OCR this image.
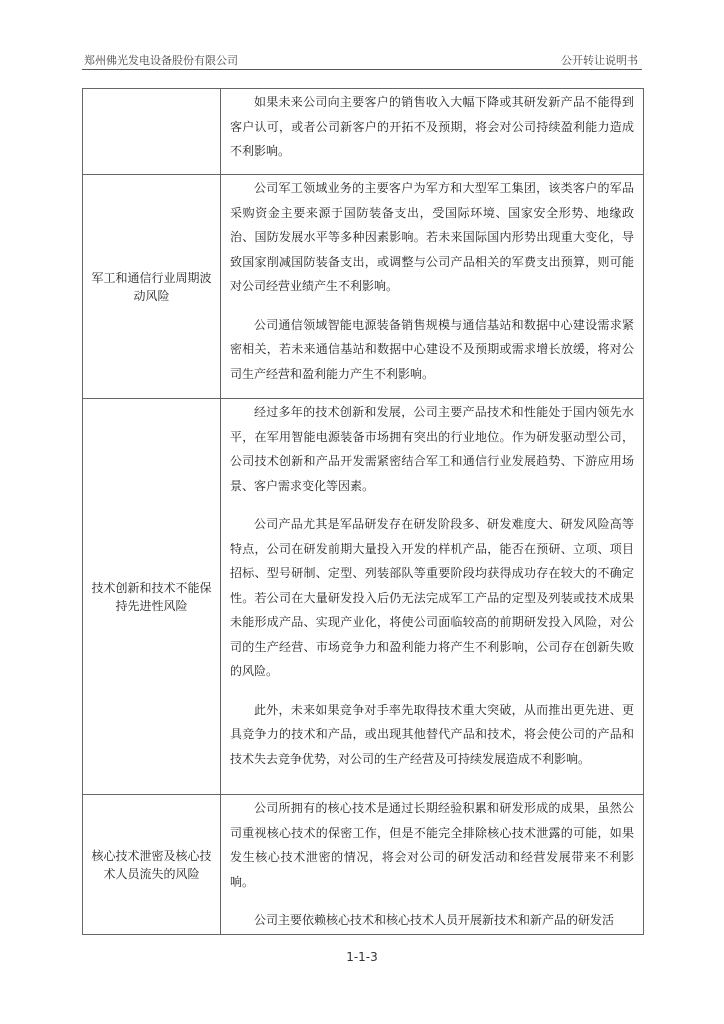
郑州佛光发电设备股份有限公司	公开转让说明书

	如果未来公司向主要客户的销售收入大幅下降或其研发新产品不能得到客户认可，或者公司新客户的开拓不及预期，将会对公司持续盈利能力造成不利影响。

军工和通信行业周期波动风险	公司军工领域业务的主要客户为军方和大型军工集团，该类客户的军品采购资金主要来源于国防装备支出，受国际环境、国家安全形势、地缘政治、国防发展水平等多种因素影响。若未来国际国内形势出现重大变化，导致国家削减国防装备支出，或调整与公司产品相关的军费支出预算，则可能对公司经营业绩产生不利影响。

公司通信领域智能电源装备销售规模与通信基站和数据中心建设需求紧密相关，若未来通信基站和数据中心建设不及预期或需求增长放缓，将对公司生产经营和盈利能力产生不利影响。

技术创新和技术不能保持先进性风险	经过多年的技术创新和发展，公司主要产品技术和性能处于国内领先水平，在军用智能电源装备市场拥有突出的行业地位。作为研发驱动型公司，公司技术创新和产品开发需紧密结合军工和通信行业发展趋势、下游应用场景、客户需求变化等因素。

公司产品尤其是军品研发存在研发阶段多、研发难度大、研发风险高等特点，公司在研发前期大量投入开发的样机产品，能否在预研、立项、项目招标、型号研制、定型、列装部队等重要阶段均获得成功存在较大的不确定性。若公司在大量研发投入后仍无法完成军工产品的定型及列装或技术成果未能形成产品、实现产业化，将使公司面临较高的前期研发投入风险，对公司的生产经营、市场竞争力和盈利能力将产生不利影响，公司存在创新失败的风险。

此外，未来如果竞争对手率先取得技术重大突破，从而推出更先进、更具竞争力的技术和产品，或出现其他替代产品和技术，将会使公司的产品和技术失去竞争优势，对公司的生产经营及可持续发展造成不利影响。

核心技术泄密及核心技术人员流失的风险	公司所拥有的核心技术是通过长期经验积累和研发形成的成果，虽然公司重视核心技术的保密工作，但是不能完全排除核心技术泄露的可能，如果发生核心技术泄密的情况，将会对公司的研发活动和经营发展带来不利影响。

公司主要依赖核心技术和核心技术人员开展新技术和新产品的研发活

1-1-3
